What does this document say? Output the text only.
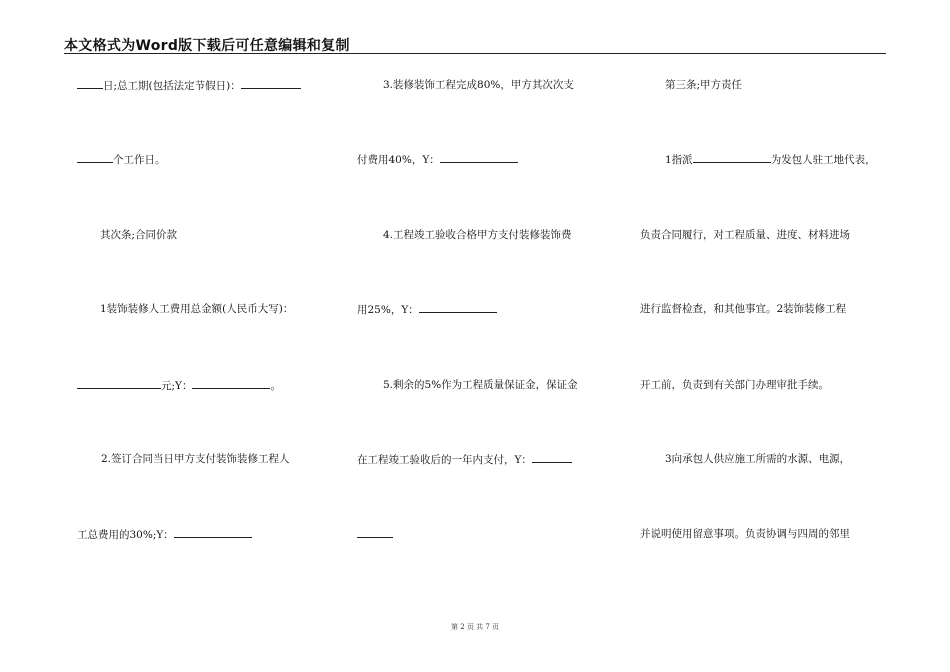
本文格式为Word版下载后可任意编辑和复制
日;总工期(包括法定节假日)：
个工作日。
其次条;合同价款
1装饰装修人工费用总金额(人民币大写)：
元;Y：	。
2.签订合同当日甲方支付装饰装修工程人
工总费用的30%;Y：
3.装修装饰工程完成80%，甲方其次次支
付费用40%，Y：
4.工程竣工验收合格甲方支付装修装饰费
用25%，Y：
5.剩余的5%作为工程质量保证金，保证金
在工程竣工验收后的一年内支付，Y：
第三条;甲方责任
1指派	为发包人驻工地代表，
负责合同履行，对工程质量、进度、材料进场
进行监督检查，和其他事宜。2装饰装修工程
开工前，负责到有关部门办理审批手续。
3向承包人供应施工所需的水源、电源，
并说明使用留意事项。负责协调与四周的邻里
第 2 页 共 7 页
